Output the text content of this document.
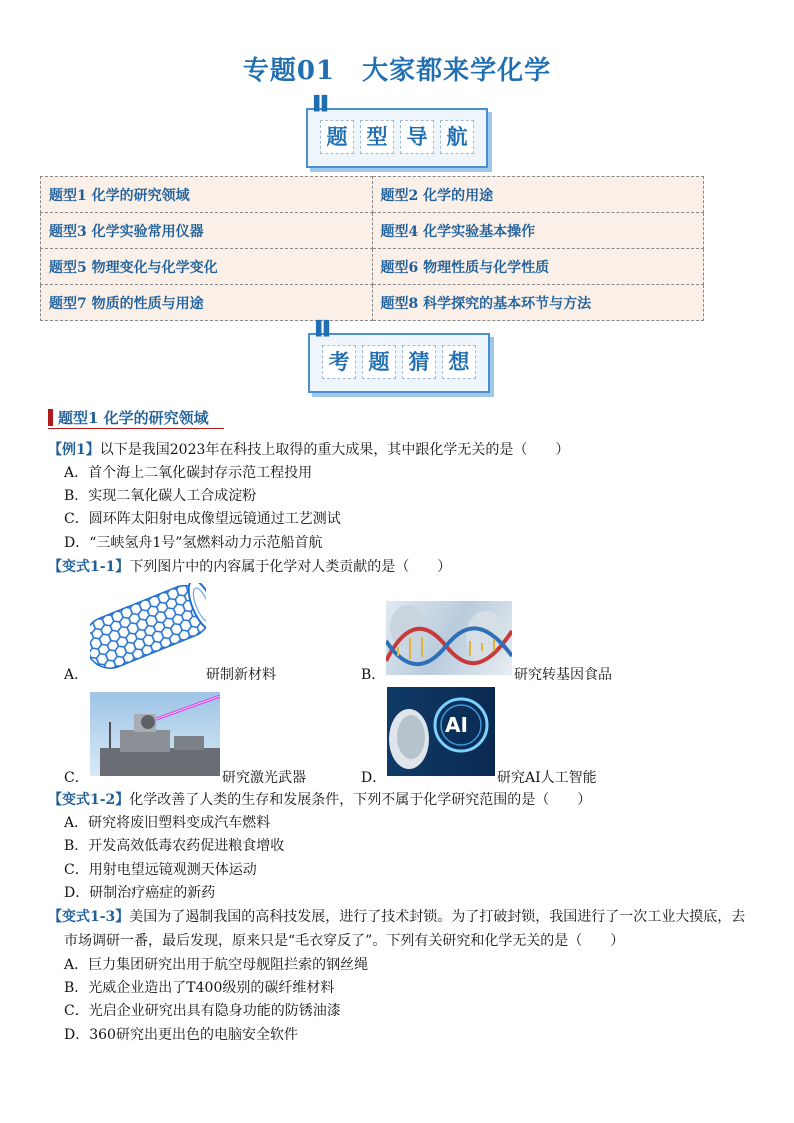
专题01　大家都来学化学
▌▌
题 型 导 航
题型1 化学的研究领域	题型2 化学的用途
题型3 化学实验常用仪器	题型4 化学实验基本操作
题型5 物理变化与化学变化	题型6 物理性质与化学性质
题型7 物质的性质与用途	题型8 科学探究的基本环节与方法
▌▌
考 题 猜 想
题型1 化学的研究领域
【例1】以下是我国2023年在科技上取得的重大成果，其中跟化学无关的是（　　）
A．首个海上二氧化碳封存示范工程投用
B．实现二氧化碳人工合成淀粉
C．圆环阵太阳射电成像望远镜通过工艺测试
D．“三峡氢舟1号”氢燃料动力示范船首航
【变式1-1】下列图片中的内容属于化学对人类贡献的是（　　）
A．	研制新材料	B．	研究转基因食品
C．	研究激光武器	D．
AI
研究AI人工智能
【变式1-2】化学改善了人类的生存和发展条件，下列不属于化学研究范围的是（　　）
A．研究将废旧塑料变成汽车燃料
B．开发高效低毒农药促进粮食增收
C．用射电望远镜观测天体运动
D．研制治疗癌症的新药
【变式1-3】美国为了遏制我国的高科技发展，进行了技术封锁。为了打破封锁，我国进行了一次工业大摸底，去
市场调研一番，最后发现，原来只是“毛衣穿反了”。下列有关研究和化学无关的是（　　）
A．巨力集团研究出用于航空母舰阻拦索的钢丝绳
B．光威企业造出了T400级别的碳纤维材料
C．光启企业研究出具有隐身功能的防锈油漆
D．360研究出更出色的电脑安全软件
